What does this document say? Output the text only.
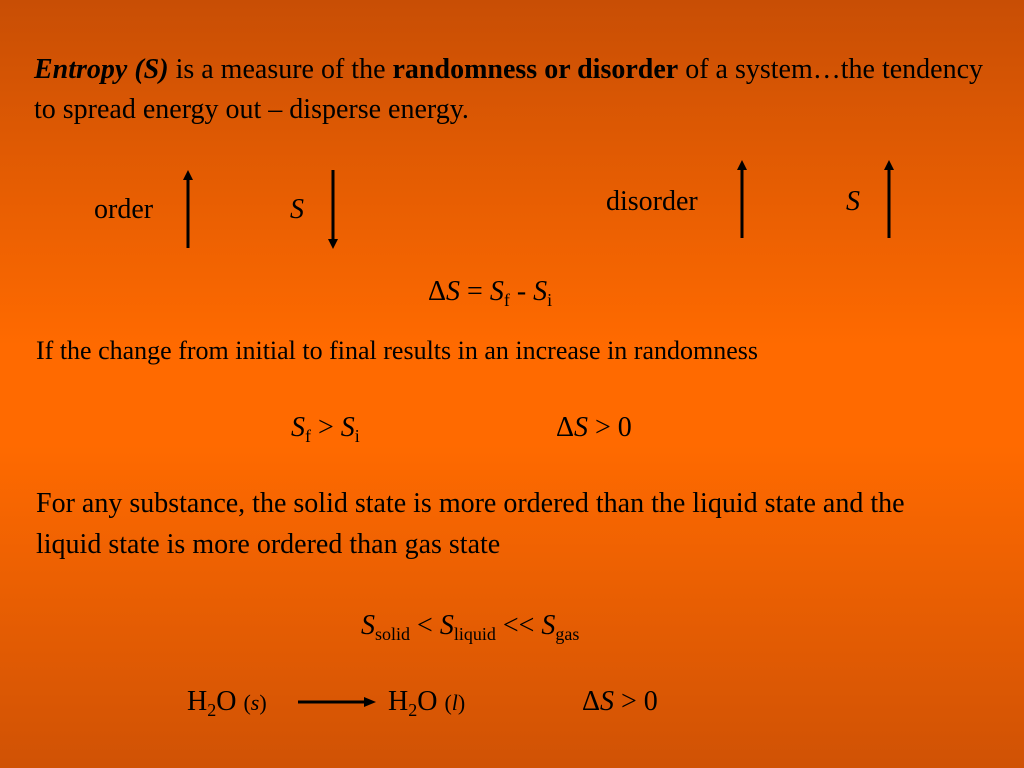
Entropy (S) is a measure of the randomness or disorder of a system…the tendency to spread energy out – disperse energy.
order	S	disorder	S
$\Delta S = S_f - S_i$
If the change from initial to final results in an increase in randomness
$S_f > S_i$	ΔS > 0
For any substance, the solid state is more ordered than the liquid state and the liquid state is more ordered than gas state
$S_{solid} < S_{liquid} << S_{gas}$
$H_2O$ (s)	$H_2O$ (l)	ΔS > 0
